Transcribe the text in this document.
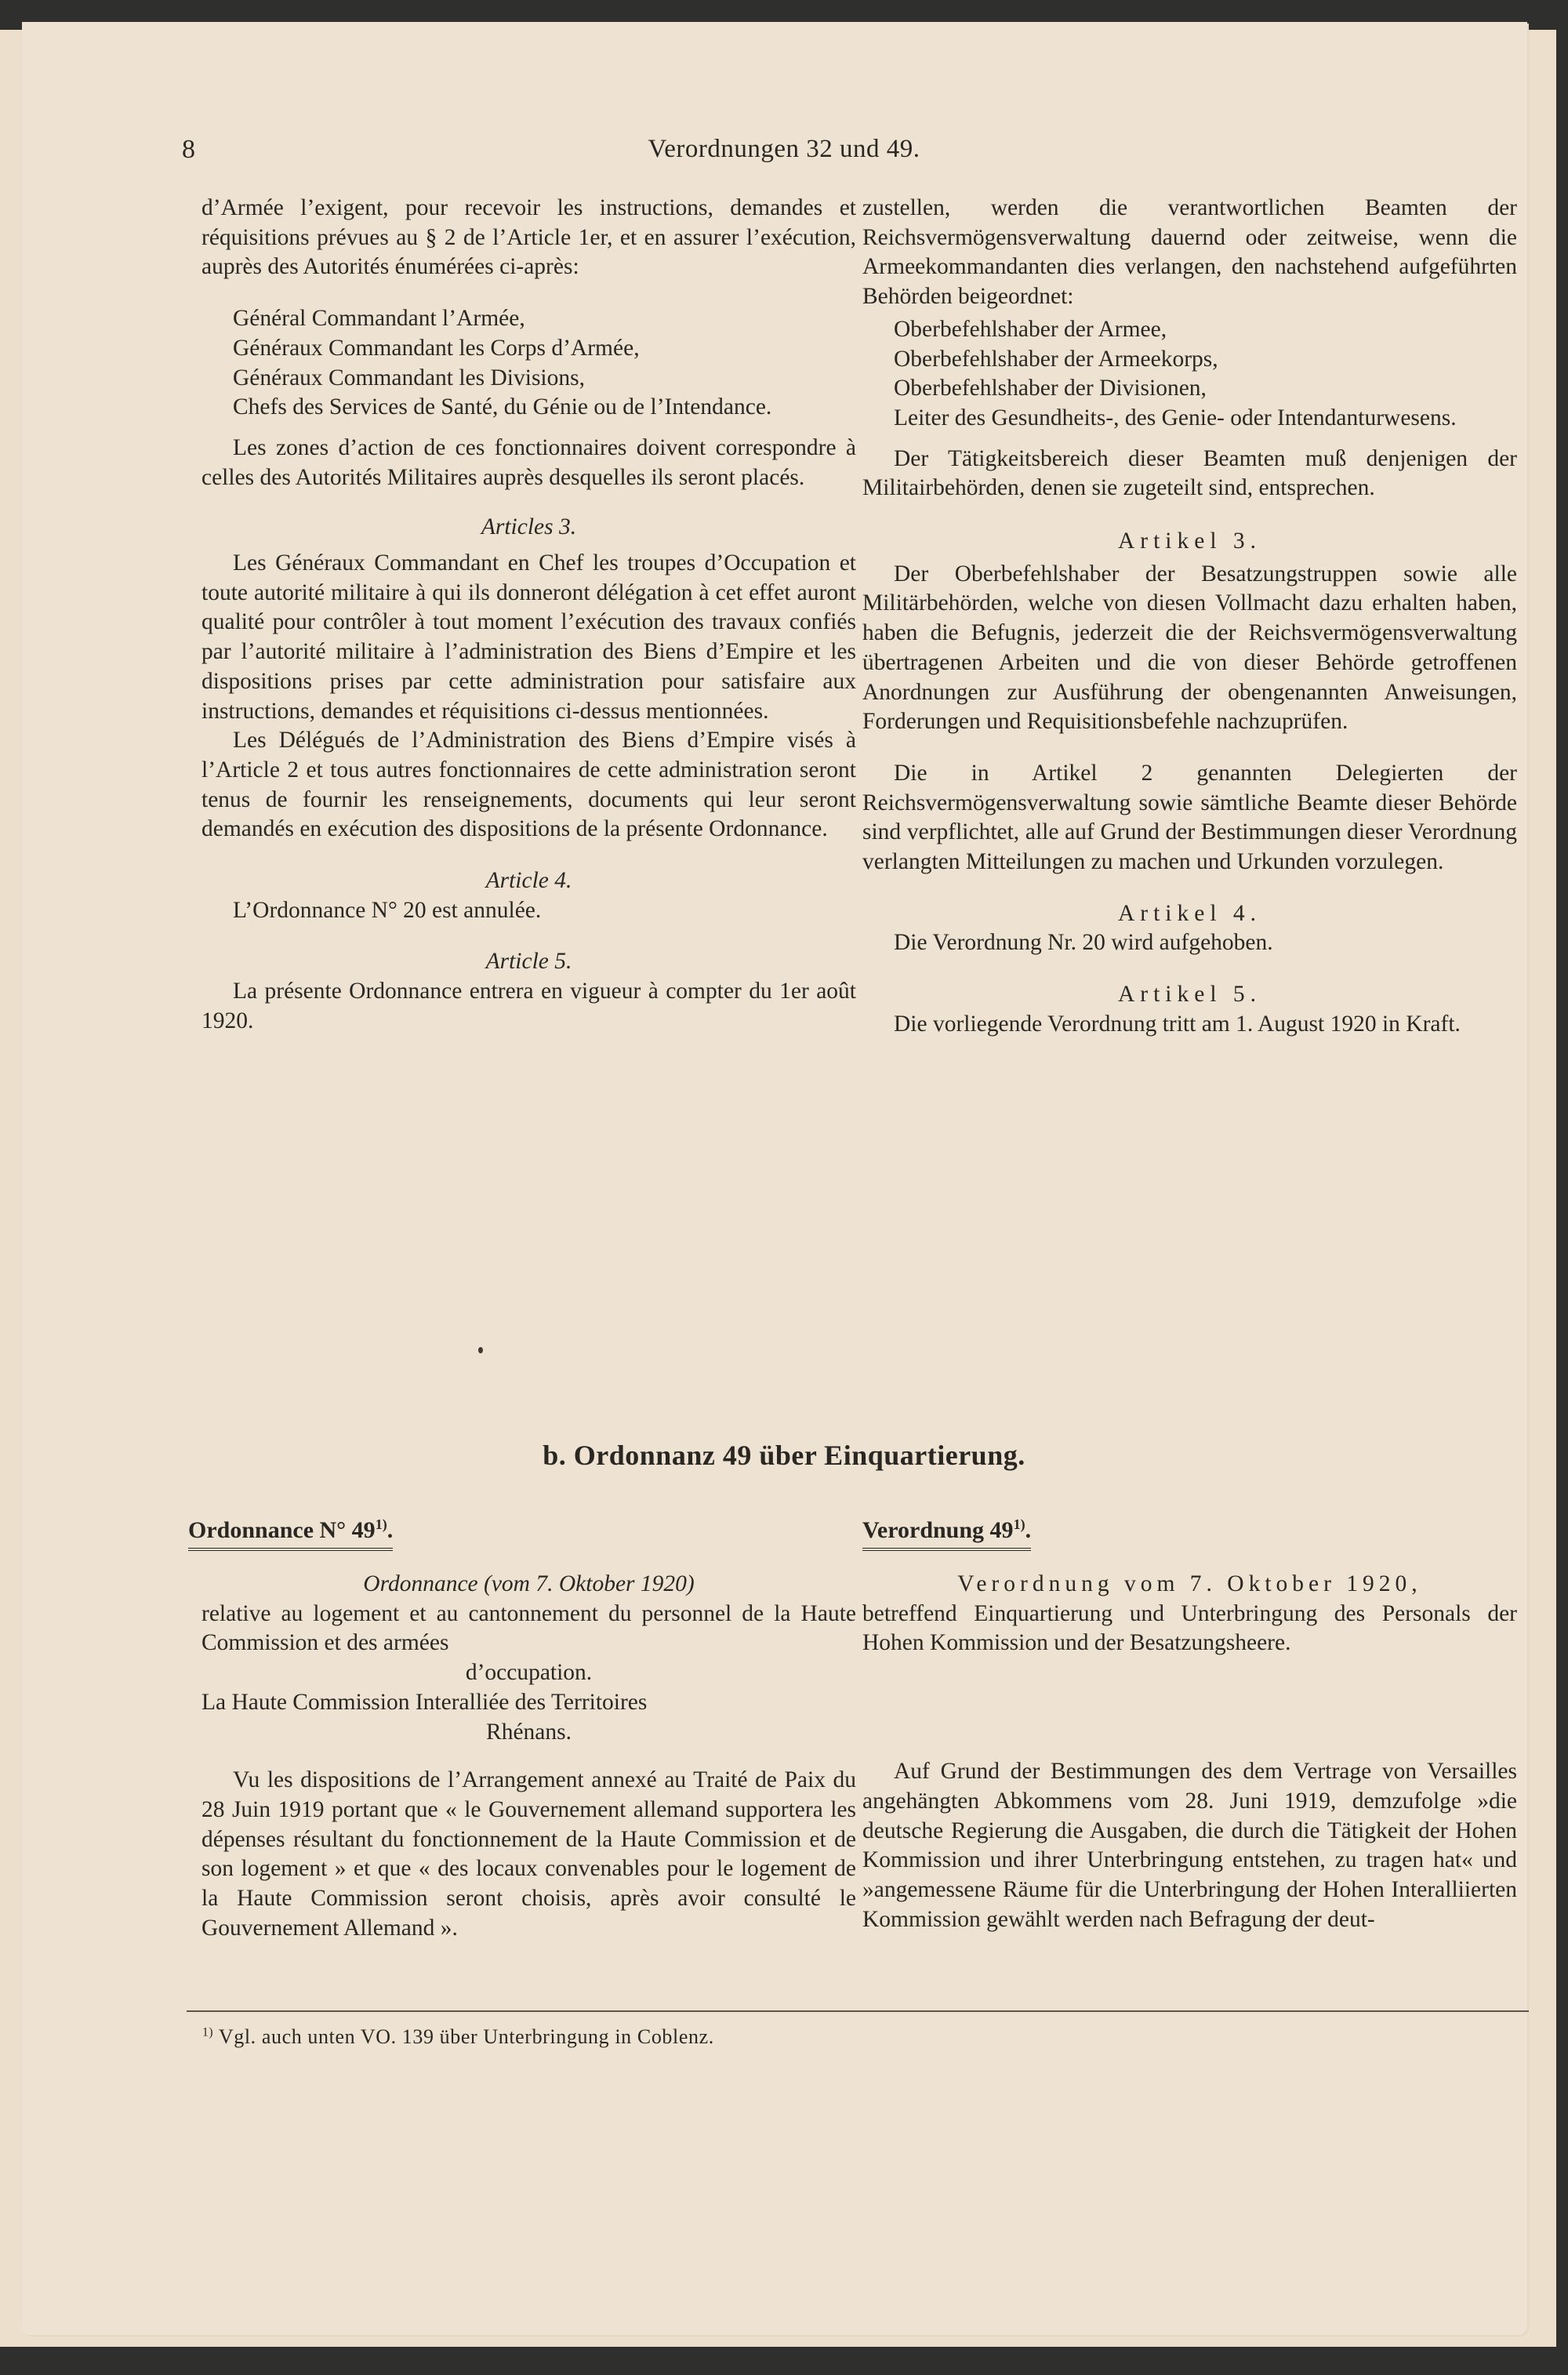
8	Verordnungen 32 und 49.

d’Armée l’exigent, pour recevoir les instructions, demandes et réquisitions prévues au § 2 de l’Article 1er, et en assurer l’exécution, auprès des Autorités énumérées ci-après:

Général Commandant l’Armée,

Généraux Commandant les Corps d’Armée,

Généraux Commandant les Divisions,

Chefs des Services de Santé, du Génie ou de l’Intendance.

Les zones d’action de ces fonctionnaires doivent correspondre à celles des Autorités Militaires auprès desquelles ils seront placés.

Articles 3.

Les Généraux Commandant en Chef les troupes d’Occupation et toute autorité militaire à qui ils donneront délégation à cet effet auront qualité pour contrôler à tout moment l’exécution des travaux confiés par l’autorité militaire à l’administration des Biens d’Empire et les dispositions prises par cette administration pour satisfaire aux instructions, demandes et réquisitions ci-dessus mentionnées.

Les Délégués de l’Administration des Biens d’Empire visés à l’Article 2 et tous autres fonctionnaires de cette administration seront tenus de fournir les renseignements, documents qui leur seront demandés en exécution des dispositions de la présente Ordonnance.

Article 4.

L’Ordonnance N° 20 est annulée.

Article 5.

La présente Ordonnance entrera en vigueur à compter du 1er août 1920.

zustellen, werden die verantwortlichen Beamten der Reichsvermögensverwaltung dauernd oder zeitweise, wenn die Armeekommandanten dies verlangen, den nachstehend aufgeführten Behörden beigeordnet:

Oberbefehlshaber der Armee,

Oberbefehlshaber der Armeekorps,

Oberbefehlshaber der Divisionen,

Leiter des Gesundheits-, des Genie- oder Intendanturwesens.

Der Tätigkeitsbereich dieser Beamten muß denjenigen der Militairbehörden, denen sie zugeteilt sind, entsprechen.

Artikel 3.

Der Oberbefehlshaber der Besatzungstruppen sowie alle Militärbehörden, welche von diesen Vollmacht dazu erhalten haben, haben die Befugnis, jederzeit die der Reichsvermögensverwaltung übertragenen Arbeiten und die von dieser Behörde getroffenen Anordnungen zur Ausführung der obengenannten Anweisungen, Forderungen und Requisitionsbefehle nachzuprüfen.

Die in Artikel 2 genannten Delegierten der Reichsvermögensverwaltung sowie sämtliche Beamte dieser Behörde sind verpflichtet, alle auf Grund der Bestimmungen dieser Verordnung verlangten Mitteilungen zu machen und Urkunden vorzulegen.

Artikel 4.

Die Verordnung Nr. 20 wird aufgehoben.

Artikel 5.

Die vorliegende Verordnung tritt am 1. August 1920 in Kraft.

b. Ordonnanz 49 über Einquartierung.
Ordonnance N° 49$^{1)}$.	Verordnung 49$^{1)}$.

Ordonnance (vom 7. Oktober 1920)

relative au logement et au cantonnement du personnel de la Haute Commission et des armées

d’occupation.

La Haute Commission Interalliée des Territoires

Rhénans.

Vu les dispositions de l’Arrangement annexé au Traité de Paix du 28 Juin 1919 portant que « le Gouvernement allemand supportera les dépenses résultant du fonctionnement de la Haute Commission et de son logement » et que « des locaux convenables pour le logement de la Haute Commission seront choisis, après avoir consulté le Gouvernement Allemand ».

Verordnung vom 7. Oktober 1920,

betreffend Einquartierung und Unterbringung des Personals der Hohen Kommission und der Besatzungsheere.

Auf Grund der Bestimmungen des dem Vertrage von Versailles angehängten Abkommens vom 28. Juni 1919, demzufolge »die deutsche Regierung die Ausgaben, die durch die Tätigkeit der Hohen Kommission und ihrer Unterbringung entstehen, zu tragen hat« und »angemessene Räume für die Unterbringung der Hohen Interalliierten Kommission gewählt werden nach Befragung der deut-

$^{1)}$ Vgl. auch unten VO. 139 über Unterbringung in Coblenz.
